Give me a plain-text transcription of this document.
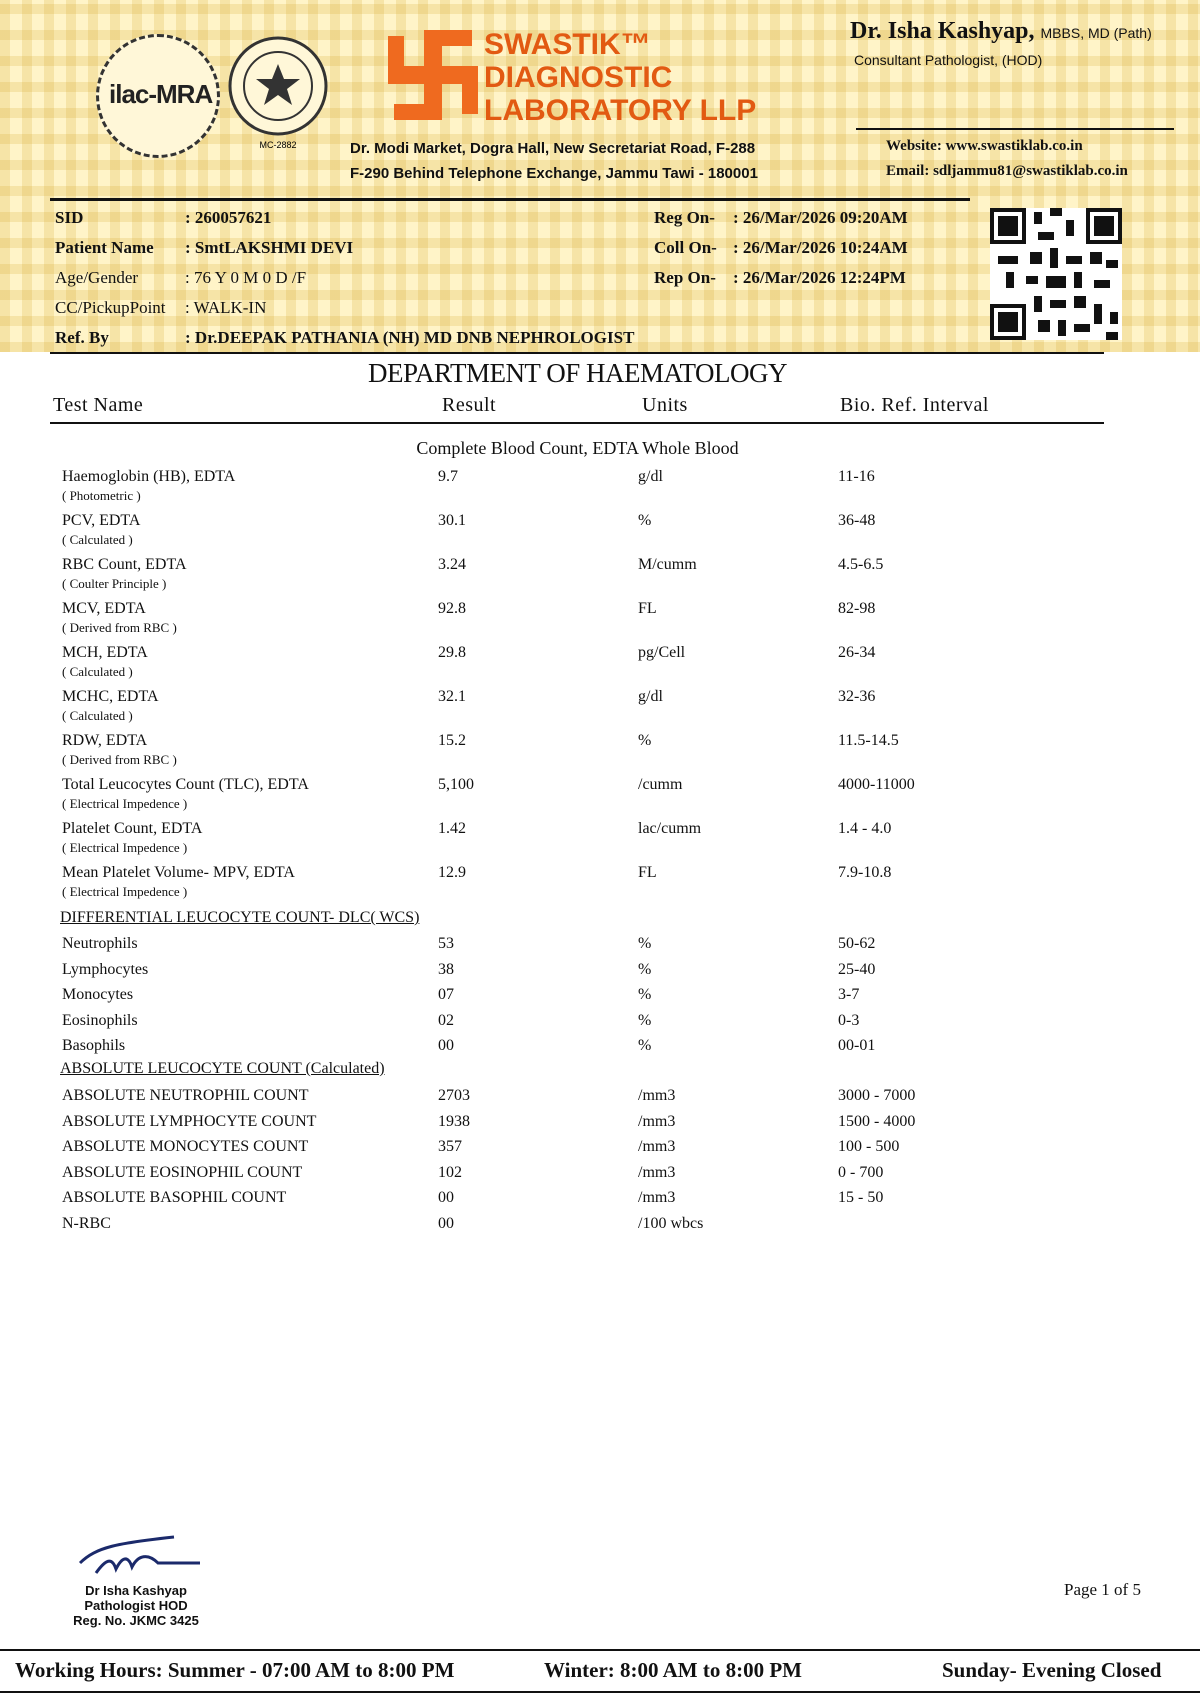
ilac-MRA
MC-2882
SWASTIK™
DIAGNOSTIC
LABORATORY LLP
Dr. Modi Market, Dogra Hall, New Secretariat Road, F-288
F-290 Behind Telephone Exchange, Jammu Tawi - 180001
Dr. Isha Kashyap, MBBS, MD (Path)
Consultant Pathologist, (HOD)
Website: www.swastiklab.co.in
Email: sdljammu81@swastiklab.co.in
SID	: 260057621
Patient Name : SmtLAKSHMI DEVI
Age/Gender	: 76 Y 0 M 0 D /F
CC/PickupPoint : WALK-IN
Ref. By	: Dr.DEEPAK PATHANIA (NH) MD DNB NEPHROLOGIST
Reg On- : 26/Mar/2026 09:20AM
Coll On- : 26/Mar/2026 10:24AM
Rep On- : 26/Mar/2026 12:24PM
DEPARTMENT OF HAEMATOLOGY
Test Name	Result	Units	Bio. Ref. Interval
Complete Blood Count, EDTA Whole Blood
Haemoglobin (HB), EDTA	9.7	g/dl	11-16
( Photometric )
PCV, EDTA	30.1	%	36-48
( Calculated )
RBC Count, EDTA	3.24	M/cumm	4.5-6.5
( Coulter Principle )
MCV, EDTA	92.8	FL	82-98
( Derived from RBC )
MCH, EDTA	29.8	pg/Cell	26-34
( Calculated )
MCHC, EDTA	32.1	g/dl	32-36
( Calculated )
RDW, EDTA	15.2	%	11.5-14.5
( Derived from RBC )
Total Leucocytes Count (TLC), EDTA	5,100	/cumm	4000-11000
( Electrical Impedence )
Platelet Count, EDTA	1.42	lac/cumm	1.4 - 4.0
( Electrical Impedence )
Mean Platelet Volume- MPV, EDTA	12.9	FL	7.9-10.8
( Electrical Impedence )
DIFFERENTIAL LEUCOCYTE COUNT- DLC( WCS)
Neutrophils	53	%	50-62
Lymphocytes	38	%	25-40
Monocytes	07	%	3-7
Eosinophils	02	%	0-3
Basophils	00	%	00-01
ABSOLUTE LEUCOCYTE COUNT (Calculated)
ABSOLUTE NEUTROPHIL COUNT	2703	/mm3	3000 - 7000
ABSOLUTE LYMPHOCYTE COUNT	1938	/mm3	1500 - 4000
ABSOLUTE MONOCYTES COUNT	357	/mm3	100 - 500
ABSOLUTE EOSINOPHIL COUNT	102	/mm3	0 - 700
ABSOLUTE BASOPHIL COUNT	00	/mm3	15 - 50
N-RBC	00	/100 wbcs
Dr Isha Kashyap
Pathologist HOD
Reg. No. JKMC 3425
Page 1 of 5
Working Hours: Summer - 07:00 AM to 8:00 PM	Winter: 8:00 AM to 8:00 PM	Sunday- Evening Closed
